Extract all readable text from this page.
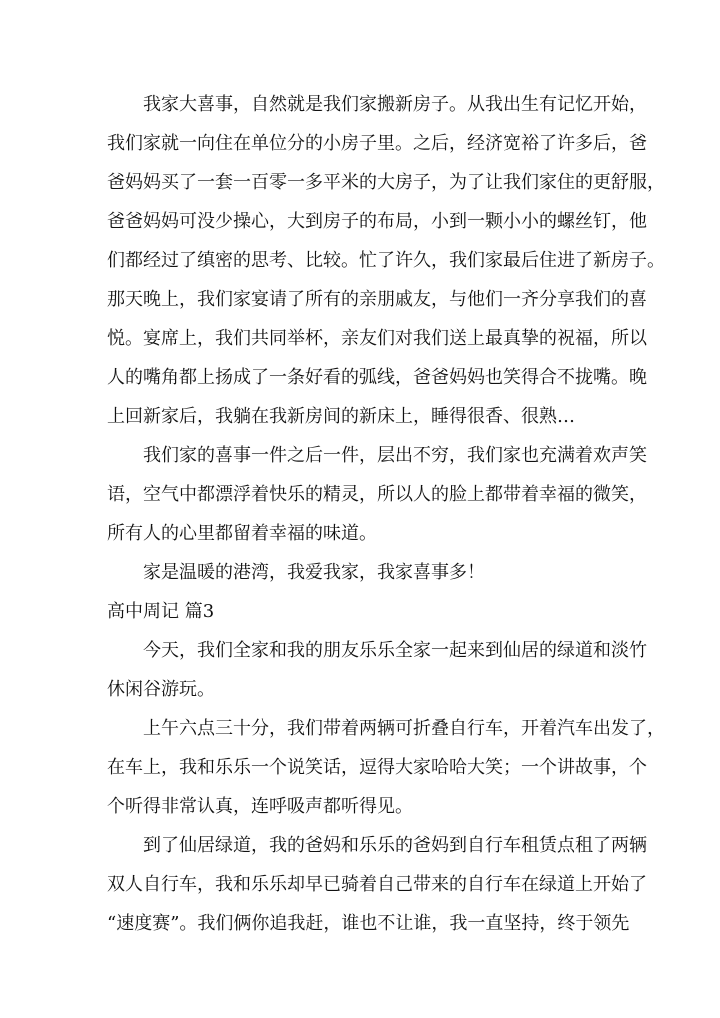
我家大喜事，自然就是我们家搬新房子。从我出生有记忆开始，
我们家就一向住在单位分的小房子里。之后，经济宽裕了许多后，爸
爸妈妈买了一套一百零一多平米的大房子，为了让我们家住的更舒服，
爸爸妈妈可没少操心，大到房子的布局，小到一颗小小的螺丝钉，他
们都经过了缜密的思考、比较。忙了许久，我们家最后住进了新房子。
那天晚上，我们家宴请了所有的亲朋戚友，与他们一齐分享我们的喜
悦。宴席上，我们共同举杯，亲友们对我们送上最真挚的祝福，所以
人的嘴角都上扬成了一条好看的弧线，爸爸妈妈也笑得合不拢嘴。晚
上回新家后，我躺在我新房间的新床上，睡得很香、很熟…
我们家的喜事一件之后一件，层出不穷，我们家也充满着欢声笑
语，空气中都漂浮着快乐的精灵，所以人的脸上都带着幸福的微笑，
所有人的心里都留着幸福的味道。
家是温暖的港湾，我爱我家，我家喜事多！
高中周记 篇3
今天，我们全家和我的朋友乐乐全家一起来到仙居的绿道和淡竹
休闲谷游玩。
上午六点三十分，我们带着两辆可折叠自行车，开着汽车出发了，
在车上，我和乐乐一个说笑话，逗得大家哈哈大笑；一个讲故事，个
个听得非常认真，连呼吸声都听得见。
到了仙居绿道，我的爸妈和乐乐的爸妈到自行车租赁点租了两辆
双人自行车，我和乐乐却早已骑着自己带来的自行车在绿道上开始了
“速度赛”。我们俩你追我赶，谁也不让谁，我一直坚持，终于领先
